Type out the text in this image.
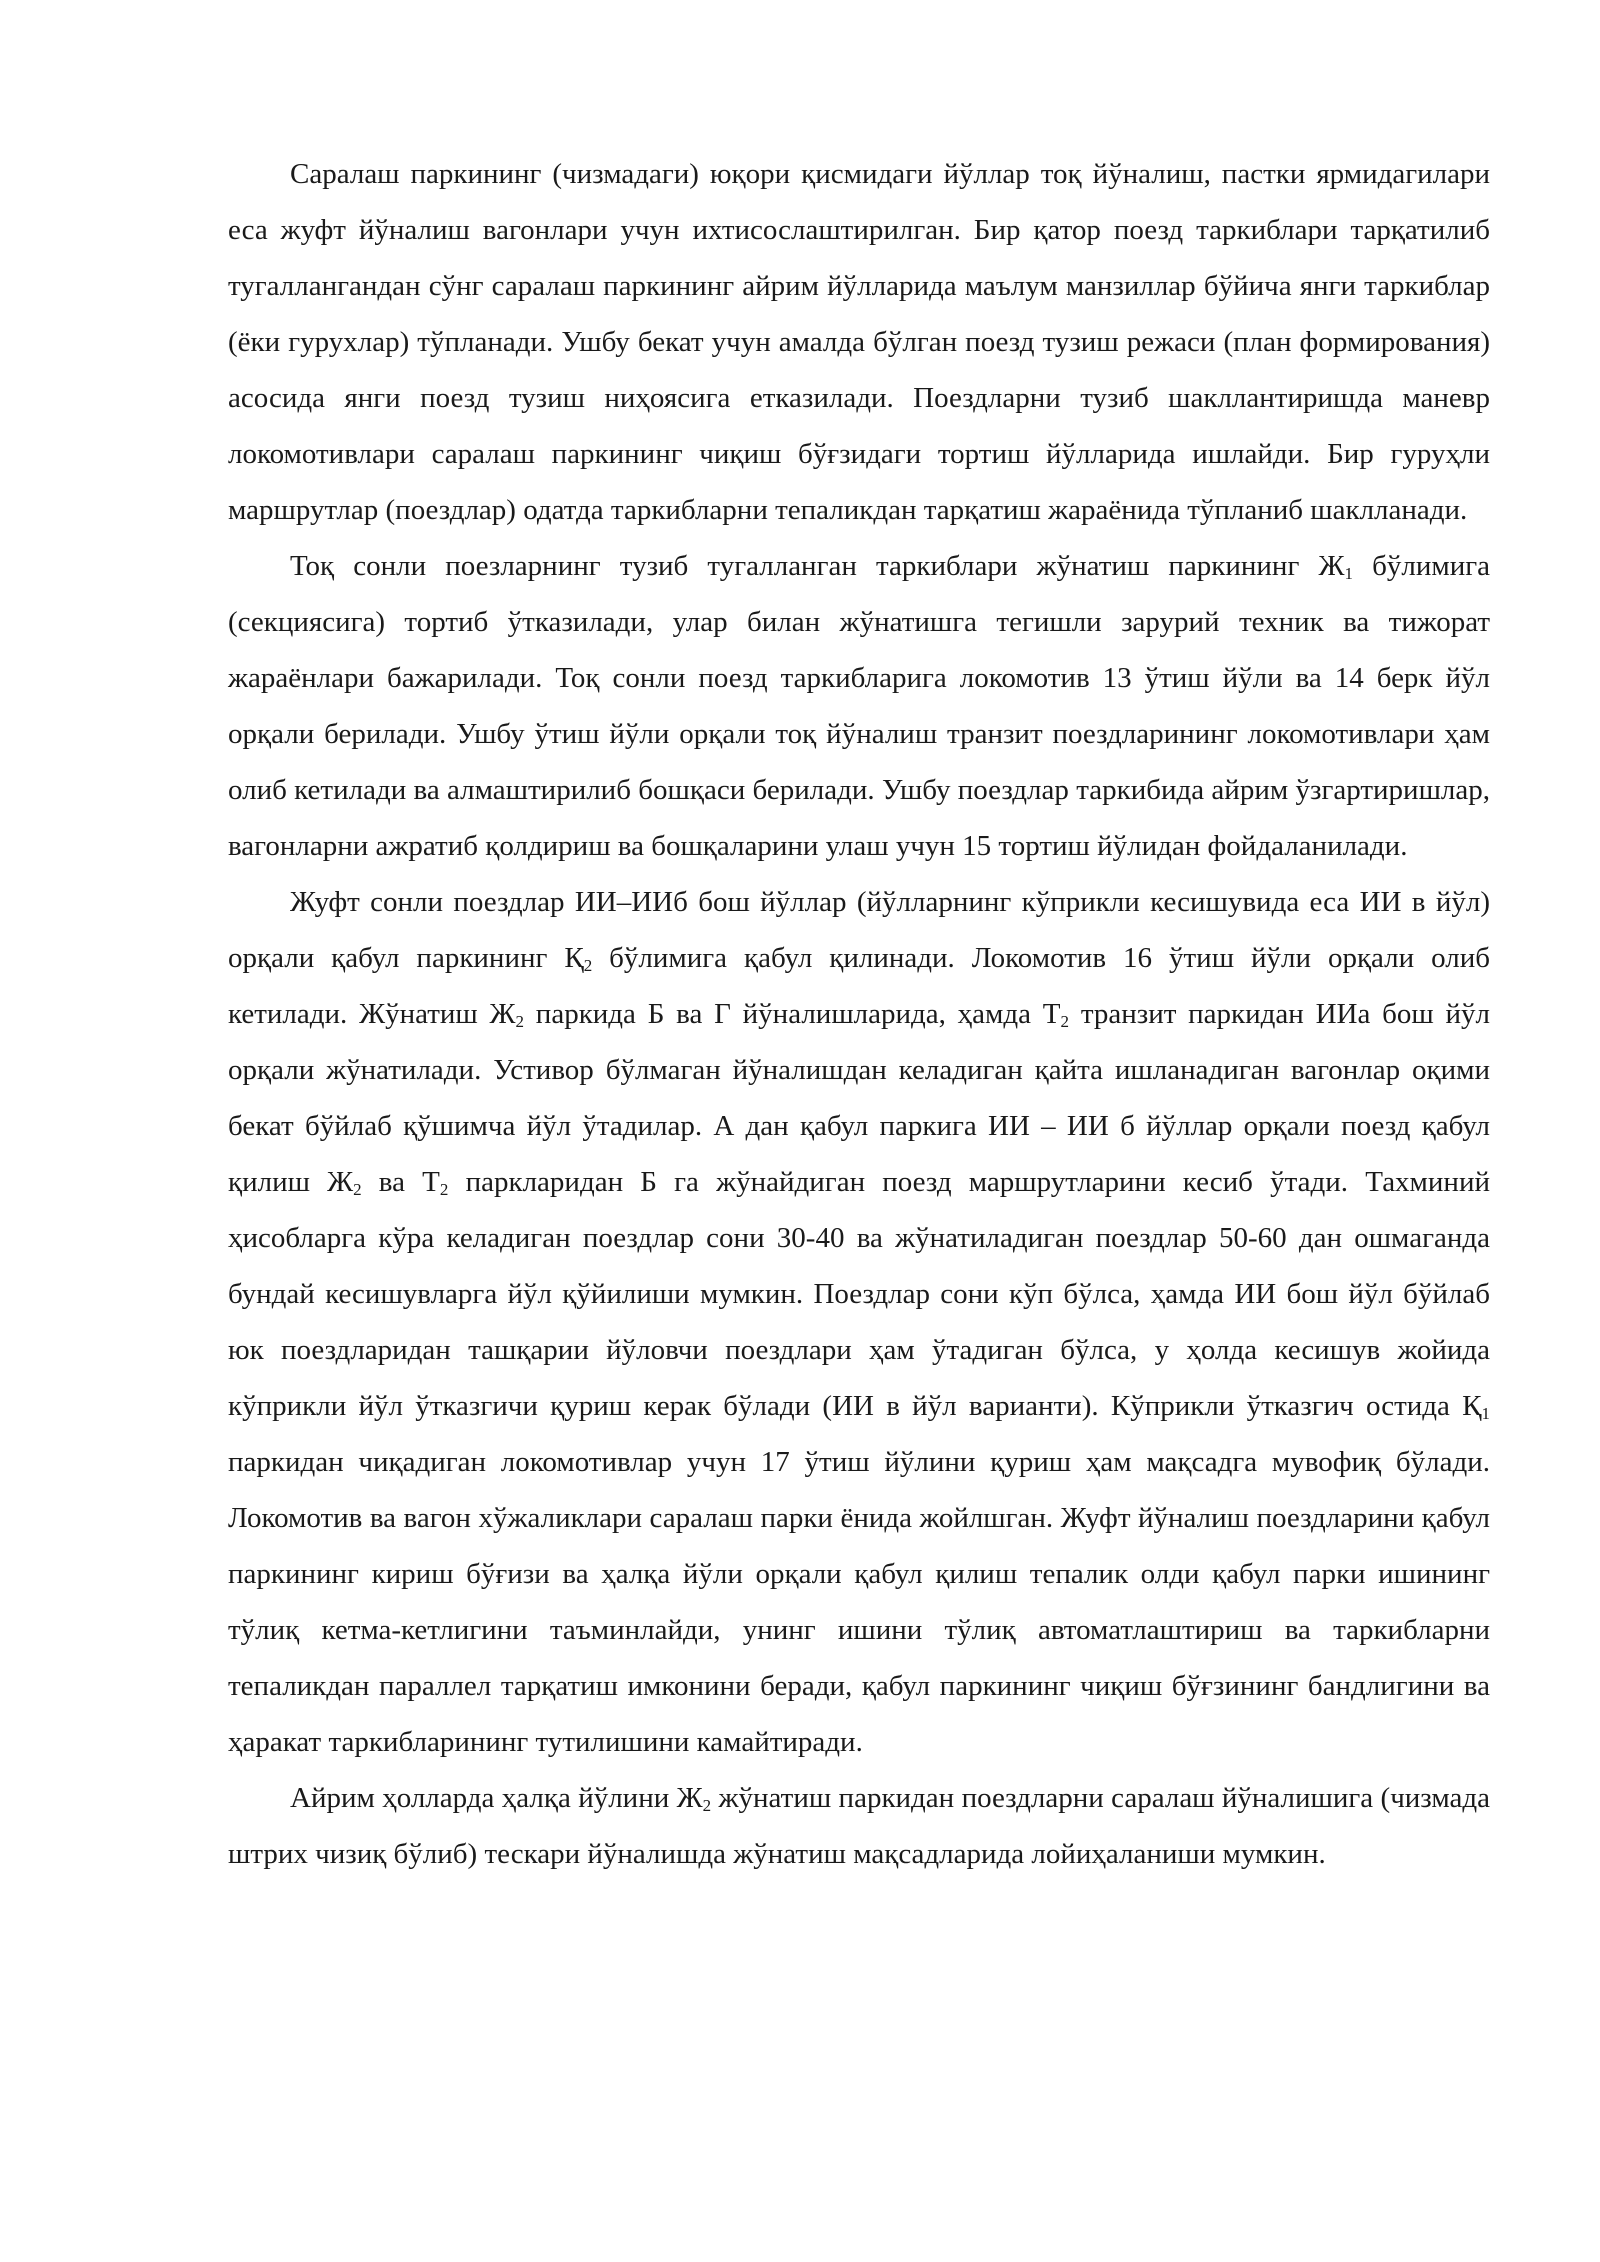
Саралаш паркининг (чизмадаги) юқори қисмидаги йўллар тоқ йўналиш, пастки ярмидагилари еса жуфт йўналиш вагонлари учун ихтисослаштирилган. Бир қатор поезд таркиблари тарқатилиб тугаллангандан сўнг саралаш паркининг айрим йўлларида маълум манзиллар бўйича янги таркиблар (ёки гурухлар) тўпланади. Ушбу бекат учун амалда бўлган поезд тузиш режаси (план формирования) асосида янги поезд тузиш ниҳоясига етказилади. Поездларни тузиб шакллантиришда маневр локомотивлари саралаш паркининг чиқиш бўғзидаги тортиш йўлларида ишлайди. Бир гуруҳли маршрутлар (поездлар) одатда таркибларни тепаликдан тарқатиш жараёнида тўпланиб шаклланади.

Тоқ сонли поезларнинг тузиб тугалланган таркиблари жўнатиш паркининг $Ж_1$ бўлимига (секциясига) тортиб ўтказилади, улар билан жўнатишга тегишли зарурий техник ва тижорат жараёнлари бажарилади. Тоқ сонли поезд таркибларига локомотив 13 ўтиш йўли ва 14 берк йўл орқали берилади. Ушбу ўтиш йўли орқали тоқ йўналиш транзит поездларининг локомотивлари ҳам олиб кетилади ва алмаштирилиб бошқаси берилади. Ушбу поездлар таркибида айрим ўзгартиришлар, вагонларни ажратиб қолдириш ва бошқаларини улаш учун 15 тортиш йўлидан фойдаланилади.

Жуфт сонли поездлар ИИ–ИИб бош йўллар (йўлларнинг кўприкли кесишувида еса ИИ в йўл) орқали қабул паркининг $Қ_2$ бўлимига қабул қилинади. Локомотив 16 ўтиш йўли орқали олиб кетилади. Жўнатиш $Ж_2$ паркида Б ва Г йўналишларида, ҳамда $Т_2$ транзит паркидан ИИа бош йўл орқали жўнатилади. Устивор бўлмаган йўналишдан келадиган қайта ишланадиган вагонлар оқими бекат бўйлаб қўшимча йўл ўтадилар. А дан қабул паркига ИИ – ИИ б йўллар орқали поезд қабул қилиш $Ж_2$ ва $Т_2$ паркларидан Б га жўнайдиган поезд маршрутларини кесиб ўтади. Тахминий ҳисобларга кўра келадиган поездлар сони 30-40 ва жўнатиладиган поездлар 50-60 дан ошмаганда бундай кесишувларга йўл қўйилиши мумкин. Поездлар сони кўп бўлса, ҳамда ИИ бош йўл бўйлаб юк поездларидан ташқарии йўловчи поездлари ҳам ўтадиган бўлса, у ҳолда кесишув жойида кўприкли йўл ўтказгичи қуриш керак бўлади (ИИ в йўл варианти). Кўприкли ўтказгич остида $Қ_1$ паркидан чиқадиган локомотивлар учун 17 ўтиш йўлини қуриш ҳам мақсадга мувофиқ бўлади. Локомотив ва вагон хўжаликлари саралаш парки ёнида жойлшган. Жуфт йўналиш поездларини қабул паркининг кириш бўғизи ва ҳалқа йўли орқали қабул қилиш тепалик олди қабул парки ишининг тўлиқ кетма-кетлигини таъминлайди, унинг ишини тўлиқ автоматлаштириш ва таркибларни тепаликдан параллел тарқатиш имконини беради, қабул паркининг чиқиш бўғзининг бандлигини ва ҳаракат таркибларининг тутилишини камайтиради.

Айрим ҳолларда ҳалқа йўлини $Ж_2$ жўнатиш паркидан поездларни саралаш йўналишига (чизмада штрих чизиқ бўлиб) тескари йўналишда жўнатиш мақсадларида лойиҳаланиши мумкин.
